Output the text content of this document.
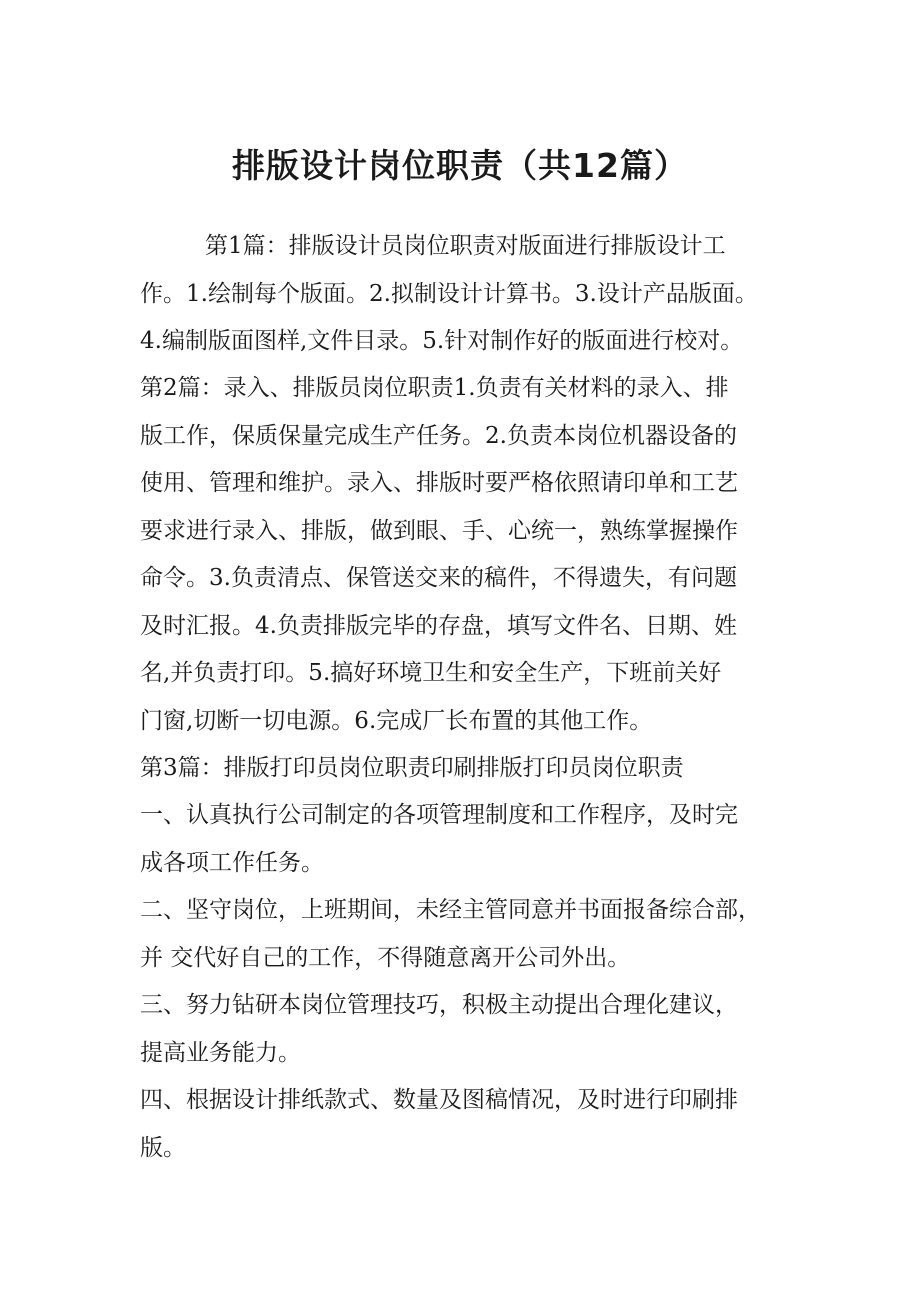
排版设计岗位职责（共12篇）

第1篇：排版设计员岗位职责对版面进行排版设计工

作。1.绘制每个版面。2.拟制设计计算书。3.设计产品版面。

4.编制版面图样,文件目录。5.针对制作好的版面进行校对。

第2篇：录入、排版员岗位职责1.负责有关材料的录入、排

版工作，保质保量完成生产任务。2.负责本岗位机器设备的

使用、管理和维护。录入、排版时要严格依照请印单和工艺

要求进行录入、排版，做到眼、手、心统一，熟练掌握操作

命令。3.负责清点、保管送交来的稿件，不得遗失，有问题

及时汇报。4.负责排版完毕的存盘，填写文件名、日期、姓

名,并负责打印。5.搞好环境卫生和安全生产，下班前关好

门窗,切断一切电源。6.完成厂长布置的其他工作。

第3篇：排版打印员岗位职责印刷排版打印员岗位职责

一、认真执行公司制定的各项管理制度和工作程序，及时完

成各项工作任务。

二、坚守岗位，上班期间，未经主管同意并书面报备综合部，

并 交代好自己的工作，不得随意离开公司外出。

三、努力钻研本岗位管理技巧，积极主动提出合理化建议，

提高业务能力。

四、根据设计排纸款式、数量及图稿情况，及时进行印刷排

版。
